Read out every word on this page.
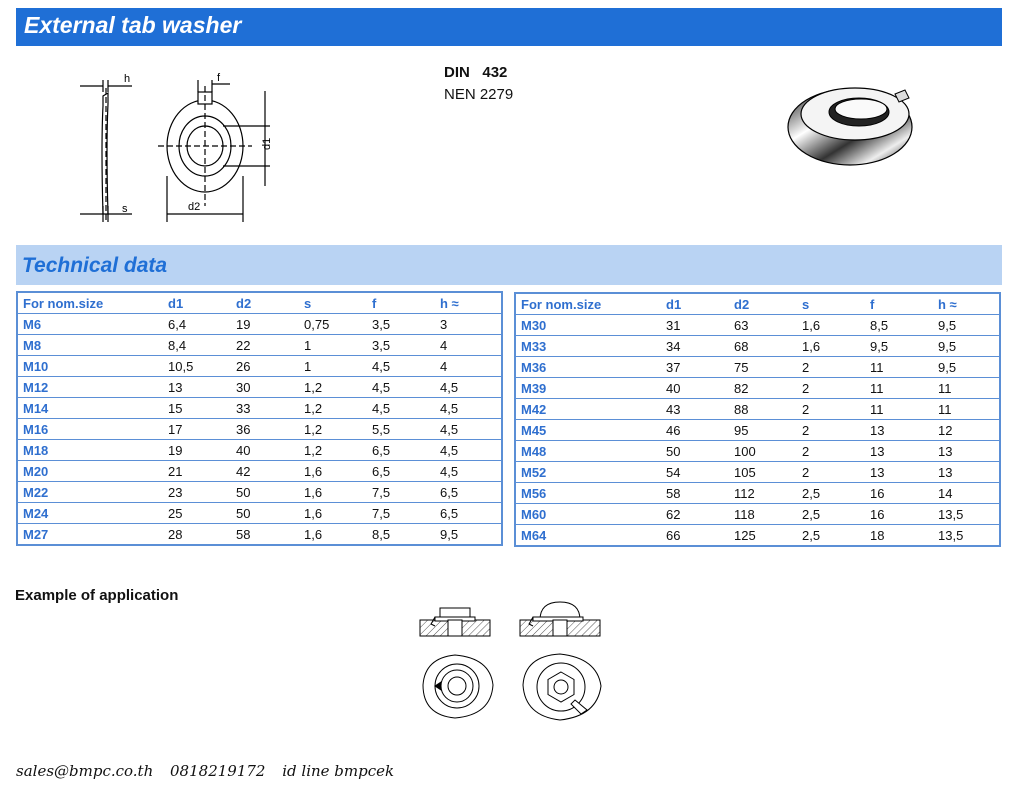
External tab washer
DIN 432
NEN 2279
h	f
s
d1
d2
Technical data
For nom.size	d1	d2	s	f	h ≈
M6	6,4	19	0,75	3,5	3
M8	8,4	22	1	3,5	4
M10	10,5	26	1	4,5	4
M12	13	30	1,2	4,5	4,5
M14	15	33	1,2	4,5	4,5
M16	17	36	1,2	5,5	4,5
M18	19	40	1,2	6,5	4,5
M20	21	42	1,6	6,5	4,5
M22	23	50	1,6	7,5	6,5
M24	25	50	1,6	7,5	6,5
M27	28	58	1,6	8,5	9,5
For nom.size	d1	d2	s	f	h ≈
M30	31	63	1,6	8,5	9,5
M33	34	68	1,6	9,5	9,5
M36	37	75	2	11	9,5
M39	40	82	2	11	11
M42	43	88	2	11	11
M45	46	95	2	13	12
M48	50	100	2	13	13
M52	54	105	2	13	13
M56	58	112	2,5	16	14
M60	62	118	2,5	16	13,5
M64	66	125	2,5	18	13,5
Example of application
sales@bmpc.co.th 0818219172 id line bmpcek
